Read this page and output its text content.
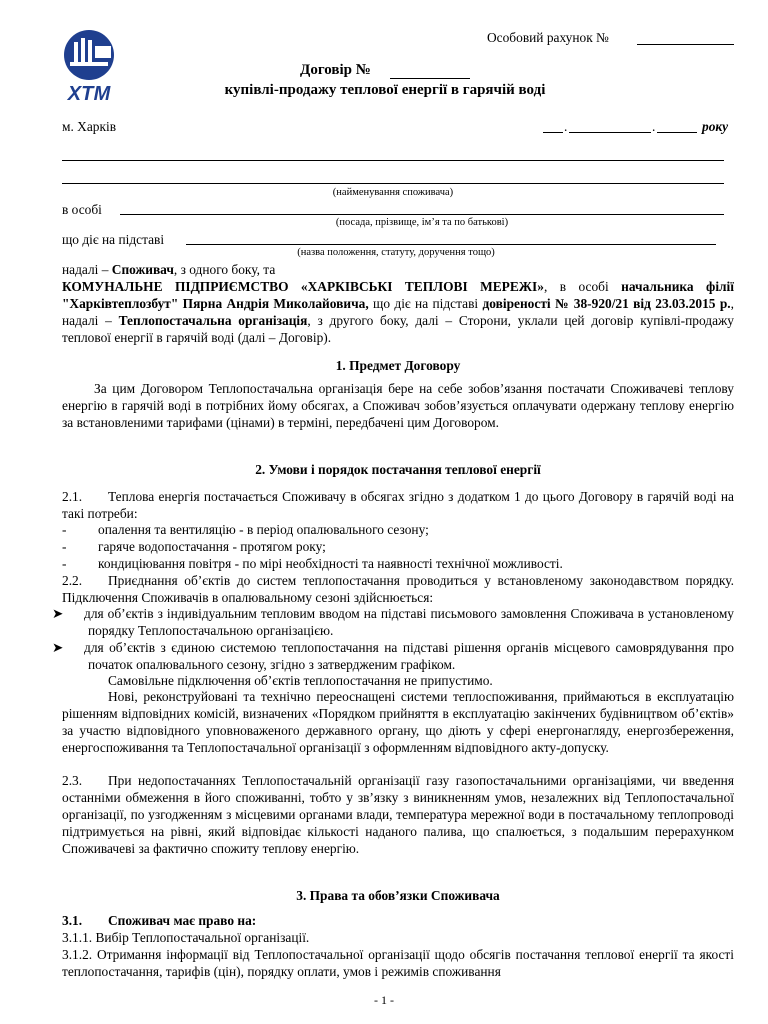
ХТМ
Особовий рахунок №
Договір №
купівлі-продажу теплової енергії в гарячій воді
м. Харків	.	.	року
(найменування споживача)
в особі
(посада, прізвище, ім’я та по батькові)
що діє на підставі
(назва положення, статуту, доручення тощо)
надалі – Споживач, з одного боку, та
КОМУНАЛЬНЕ ПІДПРИЄМСТВО «ХАРКІВСЬКІ ТЕПЛОВІ МЕРЕЖІ», в особі начальника філії "Харківтеплозбут" Пярна Андрія Миколайовича, що діє на підставі довіреності № 38-920/21 від 23.03.2015 р., надалі – Теплопостачальна організація, з другого боку, далі – Сторони, уклали цей договір купівлі-продажу теплової енергії в гарячій воді (далі – Договір).
1. Предмет Договору
За цим Договором Теплопостачальна організація бере на себе зобов’язання постачати Споживачеві теплову енергію в гарячій воді в потрібних йому обсягах, а Споживач зобов’язується оплачувати одержану теплову енергію за встановленими тарифами (цінами) в терміні, передбачені цим Договором.
2. Умови і порядок постачання теплової енергії
2.1. Теплова енергія постачається Споживачу в обсягах згідно з додатком 1 до цього Договору в гарячій воді на такі потреби:
- опалення та вентиляцію - в період опалювального сезону;
- гаряче водопостачання - протягом року;
- кондиціювання повітря - по мірі необхідності та наявності технічної можливості.
2.2. Приєднання об’єктів до систем теплопостачання проводиться у встановленому законодавством порядку. Підключення Споживачів в опалювальному сезоні здійснюється:
➤ для об’єктів з індивідуальним тепловим вводом на підставі письмового замовлення Споживача в установленому порядку Теплопостачальною організацією.
➤ для об’єктів з єдиною системою теплопостачання на підставі рішення органів місцевого самоврядування про початок опалювального сезону, згідно з затвердженим графіком.
Самовільне підключення об’єктів теплопостачання не припустимо.
Нові, реконструйовані та технічно переоснащені системи теплоспоживання, приймаються в експлуатацію рішенням відповідних комісій, визначених «Порядком прийняття в експлуатацію закінчених будівництвом об’єктів» за участю відповідного уповноваженого державного органу, що діють у сфері енергонагляду, енергозбереження, енергоспоживання та Теплопостачальної організації з оформленням відповідного акту-допуску.
2.3. При недопостачаннях Теплопостачальній організації газу газопостачальними організаціями, чи введення останніми обмеження в його споживанні, тобто у зв’язку з виникненням умов, незалежних від Теплопостачальної організації, по узгодженням з місцевими органами влади, температура мережної води в постачальному теплопроводі підтримується на рівні, який відповідає кількості наданого палива, що спалюється, з подальшим перерахунком Споживачеві за фактично спожиту теплову енергію.
3. Права та обов’язки Споживача
3.1. Споживач має право на:
3.1.1. Вибір Теплопостачальної організації.
3.1.2. Отримання інформації від Теплопостачальної організації щодо обсягів постачання теплової енергії та якості теплопостачання, тарифів (цін), порядку оплати, умов і режимів споживання
- 1 -
